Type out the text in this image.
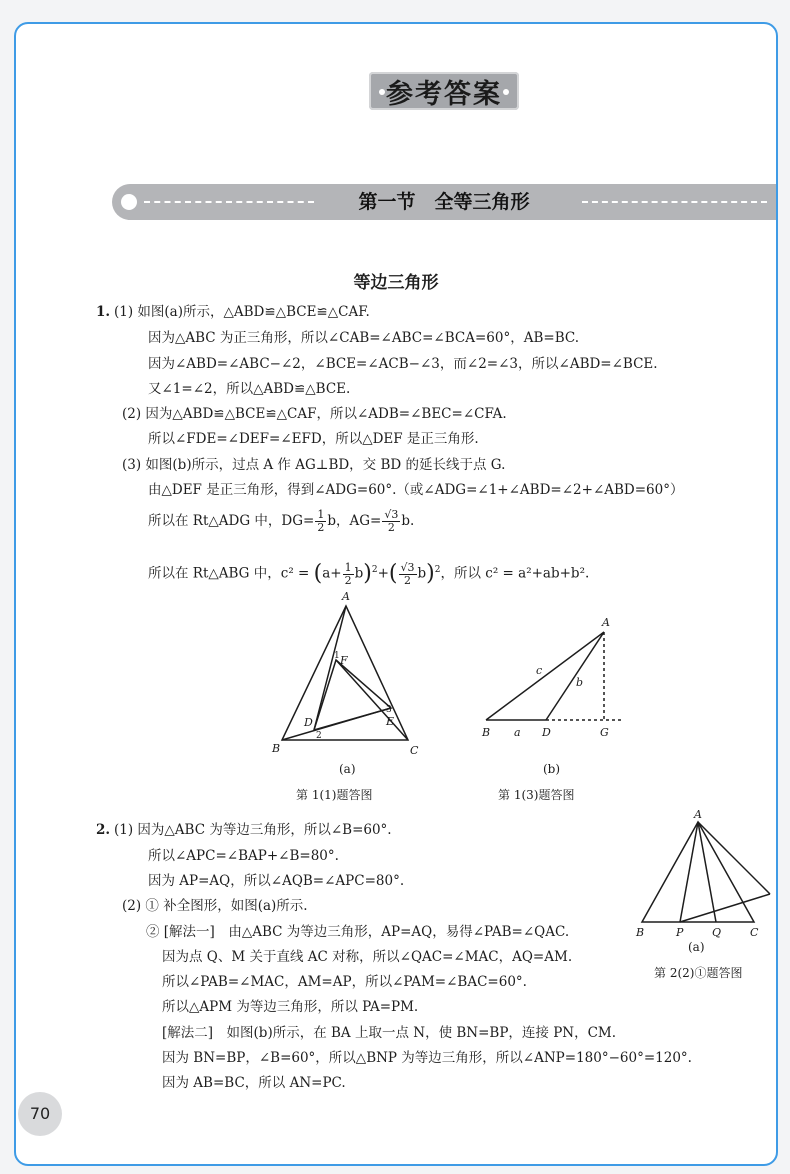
参考答案
第一节　全等三角形
等边三角形
1. (1) 如图(a)所示，△ABD≌△BCE≌△CAF.
因为△ABC 为正三角形，所以∠CAB=∠ABC=∠BCA=60°，AB=BC.
因为∠ABD=∠ABC−∠2，∠BCE=∠ACB−∠3，而∠2=∠3，所以∠ABD=∠BCE.
又∠1=∠2，所以△ABD≌△BCE.
(2) 因为△ABD≌△BCE≌△CAF，所以∠ADB=∠BEC=∠CFA.
所以∠FDE=∠DEF=∠EFD，所以△DEF 是正三角形.
(3) 如图(b)所示，过点 A 作 AG⊥BD，交 BD 的延长线于点 G.
由△DEF 是正三角形，得到∠ADG=60°.（或∠ADG=∠1+∠ABD=∠2+∠ABD=60°）
所以在 Rt△ADG 中，$DG= \frac{1}{2}$ b，$AG= \frac{√3}{2} b$.
所以在 Rt△ABG 中，$c^2 = (a+ \frac{1}{2} b)^2+( \frac{√3}{2} b)^2$，所以 c² = a²+ab+b².
A
B	C
D	E
F
1
2
3
(a)
第 1(1)题答图
A
B	D	G
a
b
c
(b)
第 1(3)题答图
2. (1) 因为△ABC 为等边三角形，所以∠B=60°.
所以∠APC=∠BAP+∠B=80°.
因为 AP=AQ，所以∠AQB=∠APC=80°.
(2) ① 补全图形，如图(a)所示.
② [解法一]　由△ABC 为等边三角形，AP=AQ，易得∠PAB=∠QAC.
因为点 Q、M 关于直线 AC 对称，所以∠QAC=∠MAC，AQ=AM.
所以∠PAB=∠MAC，AM=AP，所以∠PAM=∠BAC=60°.
所以△APM 为等边三角形，所以 PA=PM.
[解法二]　如图(b)所示，在 BA 上取一点 N，使 BN=BP，连接 PN，CM.
因为 BN=BP，∠B=60°，所以△BNP 为等边三角形，所以∠ANP=180°−60°=120°.
因为 AB=BC，所以 AN=PC.
A
B	P	Q	C
(a)
第 2(2)①题答图
70
